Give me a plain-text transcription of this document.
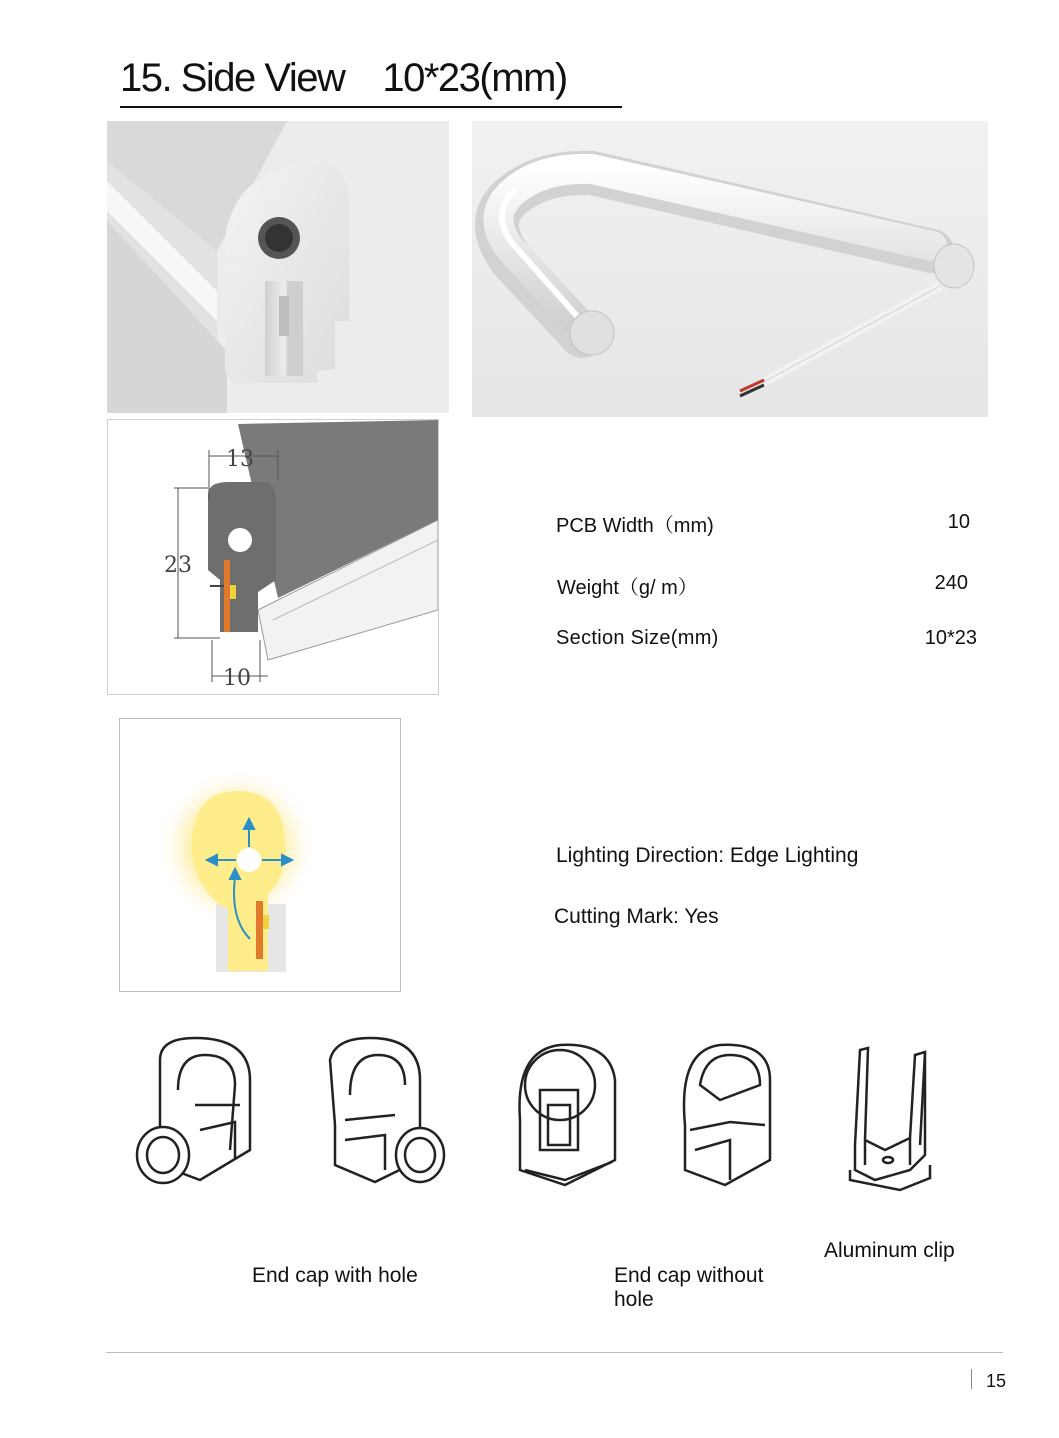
15. Side View 10*23(mm)
13
23
10
PCB Width（mm)	10
Weight（g/ m）	240
Section Size(mm)	10*23
Lighting Direction: Edge Lighting
Cutting Mark: Yes
End cap with hole	End cap without hole
Aluminum clip
15
